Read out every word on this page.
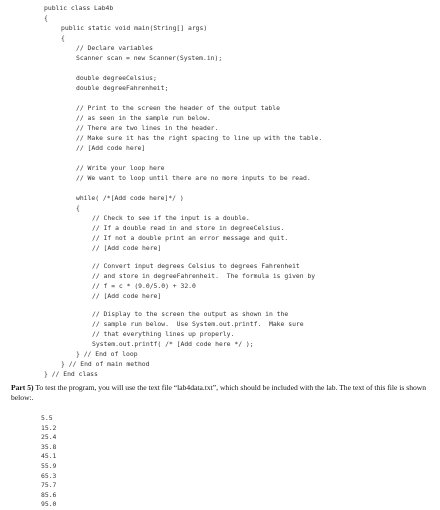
public class Lab4b
{
public static void main(String[] args)
{
// Declare variables
Scanner scan = new Scanner(System.in);
double degreeCelsius;
double degreeFahrenheit;
// Print to the screen the header of the output table
// as seen in the sample run below.
// There are two lines in the header.
// Make sure it has the right spacing to line up with the table.
// [Add code here]
// Write your loop here
// We want to loop until there are no more inputs to be read.
while( /*[Add code here]*/ )
{
// Check to see if the input is a double.
// If a double read in and store in degreeCelsius.
// If not a double print an error message and quit.
// [Add code here]
// Convert input degrees Celsius to degrees Fahrenheit
// and store in degreeFahrenheit.  The formula is given by
// f = c * (9.0/5.0) + 32.0
// [Add code here]
// Display to the screen the output as shown in the
// sample run below.  Use System.out.printf.  Make sure
// that everything lines up properly.
System.out.printf( /* [Add code here */ );
} // End of loop
} // End of main method
} // End class
Part 5) To test the program, you will use the text file “lab4data.txt”, which should be included with the lab. The text of this file is shown below:.
5.5
15.2
25.4
35.8
45.1
55.9
65.3
75.7
85.6
95.0
